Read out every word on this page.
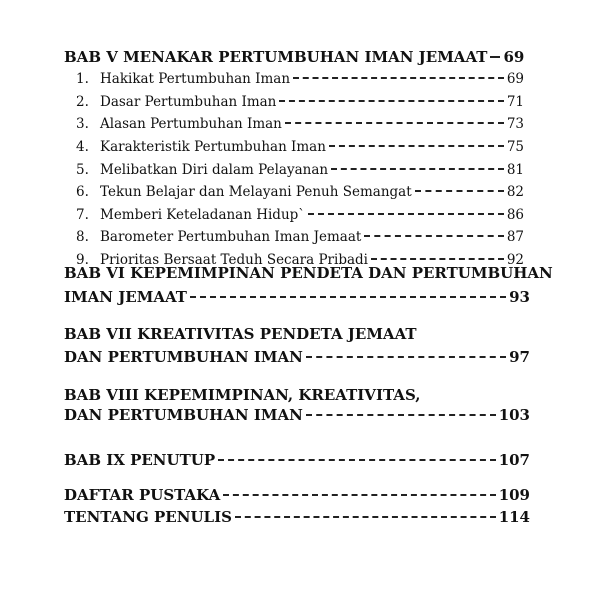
BAB V MENAKAR PERTUMBUHAN IMAN JEMAAT 69
1. Hakikat Pertumbuhan Iman	69
2. Dasar Pertumbuhan Iman	71
3. Alasan Pertumbuhan Iman	73
4. Karakteristik Pertumbuhan Iman	75
5. Melibatkan Diri dalam Pelayanan	81
6. Tekun Belajar dan Melayani Penuh Semangat	82
7. Memberi Keteladanan Hidup`	86
8. Barometer Pertumbuhan Iman Jemaat	87
9. Prioritas Bersaat Teduh Secara Pribadi	92
BAB VI KEPEMIMPINAN PENDETA DAN PERTUMBUHAN
IMAN JEMAAT	93
BAB VII KREATIVITAS PENDETA JEMAAT
DAN PERTUMBUHAN IMAN	97
BAB VIII KEPEMIMPINAN, KREATIVITAS,
DAN PERTUMBUHAN IMAN	103
BAB IX PENUTUP	107
DAFTAR PUSTAKA	109
TENTANG PENULIS	114
